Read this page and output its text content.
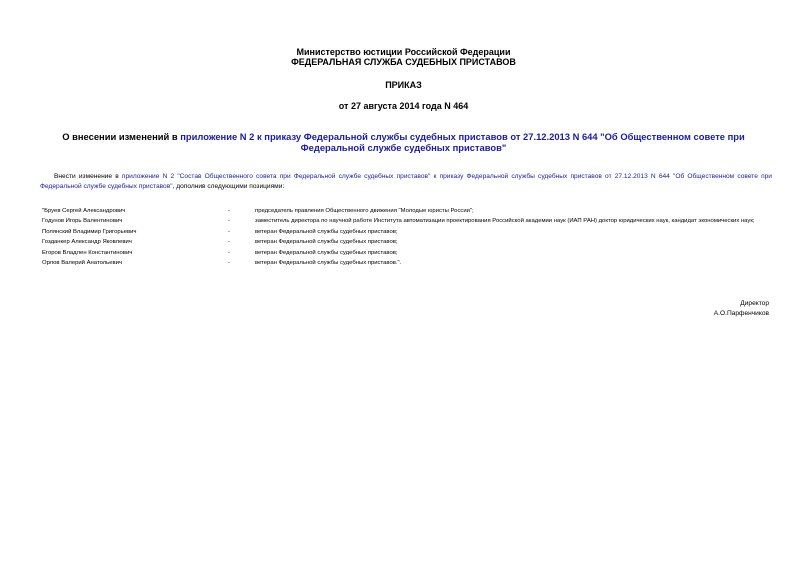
Министерство юстиции Российской Федерации
ФЕДЕРАЛЬНАЯ СЛУЖБА СУДЕБНЫХ ПРИСТАВОВ
ПРИКАЗ
от 27 августа 2014 года N 464
О внесении изменений в приложение N 2 к приказу Федеральной службы судебных приставов от 27.12.2013 N 644 "Об Общественном совете при Федеральной службе судебных приставов"
Внести изменение в приложение N 2 "Состав Общественного совета при Федеральной службе судебных приставов" к приказу Федеральной службы судебных приставов от 27.12.2013 N 644 "Об Общественном совете при Федеральной службе судебных приставов", дополнив следующими позициями:
"Бруев Сергей Александрович	-	председатель правления Общественного движения "Молодые юристы России";
Годунов Игорь Валентинович	-	заместитель директора по научной работе Института автоматизации проектирования Российской академии наук (ИАП РАН) доктор юридических наук, кандидат экономических наук;
Полянский Владимир Григорьевич	-	ветеран Федеральной службы судебных приставов;
Гозданкер Александр Яковлевич	-	ветеран Федеральной службы судебных приставов;
Егоров Владлен Константинович	-	ветеран Федеральной службы судебных приставов;
Орлов Валерий Анатольевич	-	ветеран Федеральной службы судебных приставов.".
Директор
А.О.Парфенчиков
